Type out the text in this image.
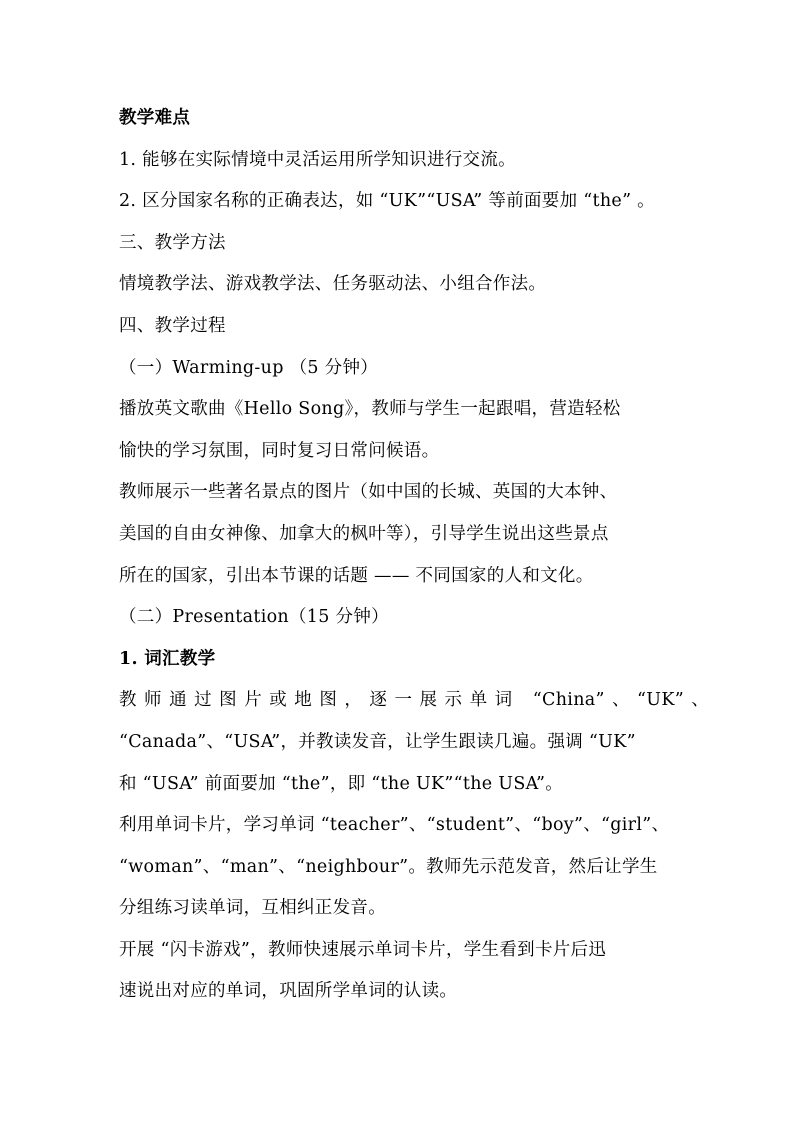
教学难点
1. 能够在实际情境中灵活运用所学知识进行交流。
2. 区分国家名称的正确表达，如 “UK”“USA” 等前面要加 “the” 。
三、教学方法
情境教学法、游戏教学法、任务驱动法、小组合作法。
四、教学过程
（一）Warming-up （5 分钟）
播放英文歌曲《Hello Song》，教师与学生一起跟唱，营造轻松
愉快的学习氛围，同时复习日常问候语。
教师展示一些著名景点的图片（如中国的长城、英国的大本钟、
美国的自由女神像、加拿大的枫叶等），引导学生说出这些景点
所在的国家，引出本节课的话题 —— 不同国家的人和文化。
（二）Presentation（15 分钟）
1. 词汇教学
教师通过图片或地图，逐一展示单词 “China”、“UK”、
“Canada”、“USA”，并教读发音，让学生跟读几遍。强调 “UK”
和 “USA” 前面要加 “the”，即 “the UK”“the USA”。
利用单词卡片，学习单词 “teacher”、“student”、“boy”、“girl”、
“woman”、“man”、“neighbour”。教师先示范发音，然后让学生
分组练习读单词，互相纠正发音。
开展 “闪卡游戏”，教师快速展示单词卡片，学生看到卡片后迅
速说出对应的单词，巩固所学单词的认读。
